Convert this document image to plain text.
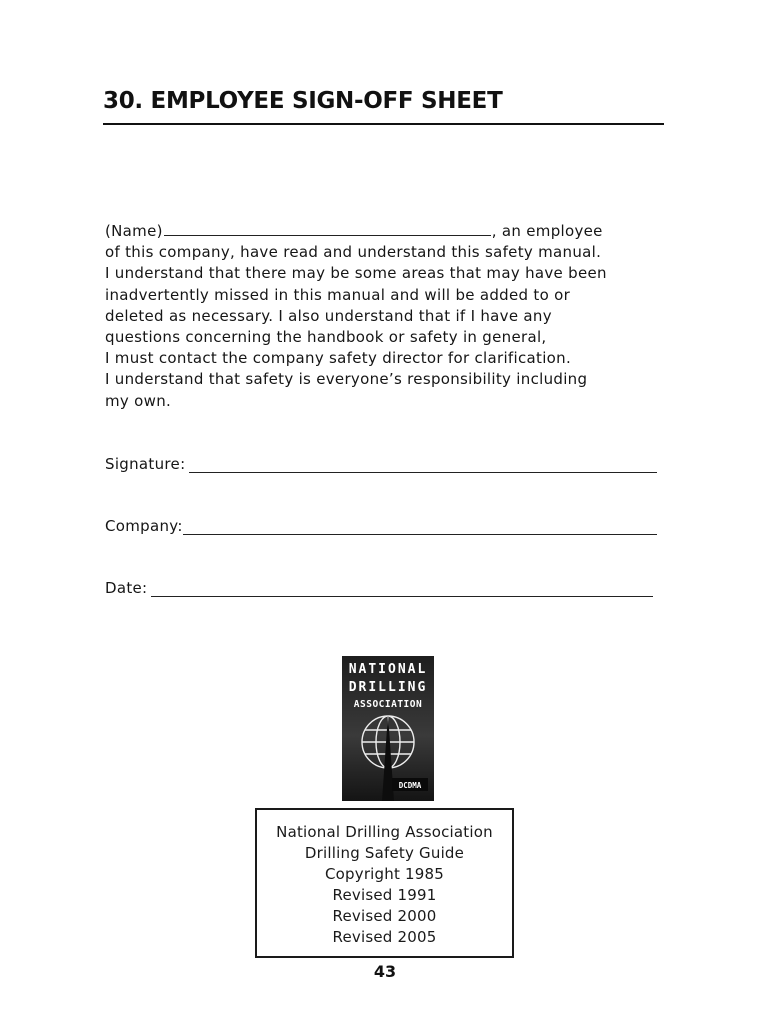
30. EMPLOYEE SIGN-OFF SHEET
(Name)	, an employee
of this company, have read and understand this safety manual.
I understand that there may be some areas that may have been
inadvertently missed in this manual and will be added to or
deleted as necessary. I also understand that if I have any
questions concerning the handbook or safety in general,
I must contact the company safety director for clarification.
I understand that safety is everyone’s responsibility including
my own.
Signature:
Company:
Date:
NATIONAL
DRILLING
ASSOCIATION
DCDMA
National Drilling Association
Drilling Safety Guide
Copyright 1985
Revised 1991
Revised 2000
Revised 2005
43
